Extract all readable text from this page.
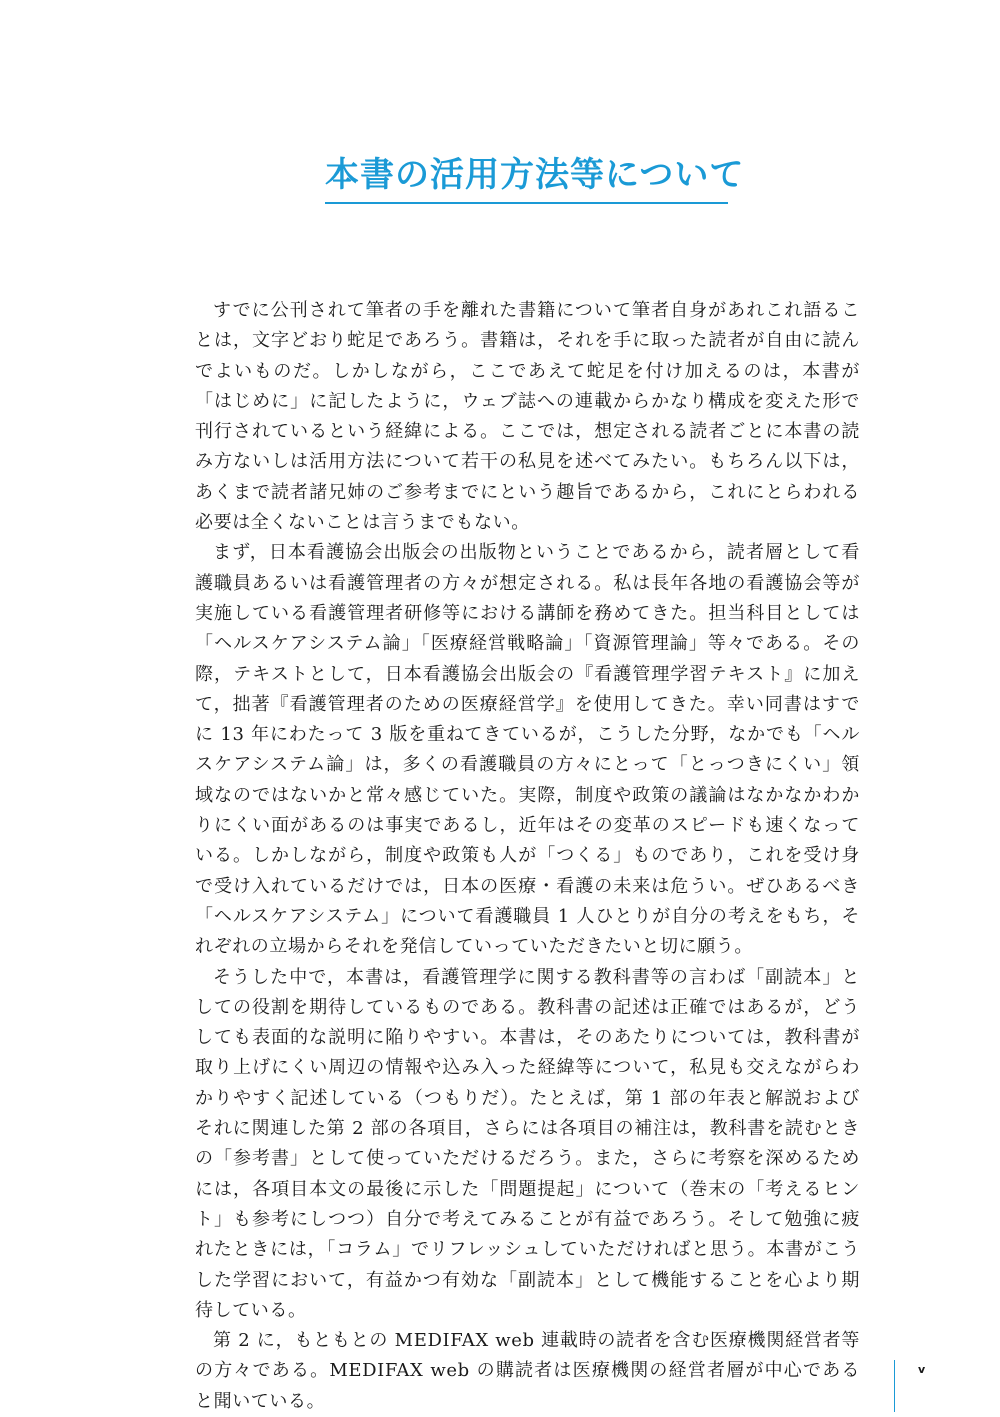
本書の活用方法等について

すでに公刊されて筆者の手を離れた書籍について筆者自身があれこれ語ることは，文字どおり蛇足であろう。書籍は，それを手に取った読者が自由に読んでよいものだ。しかしながら，ここであえて蛇足を付け加えるのは，本書が「はじめに」に記したように，ウェブ誌への連載からかなり構成を変えた形で刊行されているという経緯による。ここでは，想定される読者ごとに本書の読み方ないしは活用方法について若干の私見を述べてみたい。もちろん以下は，あくまで読者諸兄姉のご参考までにという趣旨であるから，これにとらわれる必要は全くないことは言うまでもない。

まず，日本看護協会出版会の出版物ということであるから，読者層として看護職員あるいは看護管理者の方々が想定される。私は長年各地の看護協会等が実施している看護管理者研修等における講師を務めてきた。担当科目としては「ヘルスケアシステム論」「医療経営戦略論」「資源管理論」等々である。その際，テキストとして，日本看護協会出版会の『看護管理学習テキスト』に加えて，拙著『看護管理者のための医療経営学』を使用してきた。幸い同書はすでに 13 年にわたって 3 版を重ねてきているが，こうした分野，なかでも「ヘルスケアシステム論」は，多くの看護職員の方々にとって「とっつきにくい」領域なのではないかと常々感じていた。実際，制度や政策の議論はなかなかわかりにくい面があるのは事実であるし，近年はその変革のスピードも速くなっている。しかしながら，制度や政策も人が「つくる」ものであり，これを受け身で受け入れているだけでは，日本の医療・看護の未来は危うい。ぜひあるべき「ヘルスケアシステム」について看護職員 1 人ひとりが自分の考えをもち，それぞれの立場からそれを発信していっていただきたいと切に願う。

そうした中で，本書は，看護管理学に関する教科書等の言わば「副読本」としての役割を期待しているものである。教科書の記述は正確ではあるが，どうしても表面的な説明に陥りやすい。本書は，そのあたりについては，教科書が取り上げにくい周辺の情報や込み入った経緯等について，私見も交えながらわかりやすく記述している（つもりだ）。たとえば，第 1 部の年表と解説およびそれに関連した第 2 部の各項目，さらには各項目の補注は，教科書を読むときの「参考書」として使っていただけるだろう。また，さらに考察を深めるためには，各項目本文の最後に示した「問題提起」について（巻末の「考えるヒント」も参考にしつつ）自分で考えてみることが有益であろう。そして勉強に疲れたときには，「コラム」でリフレッシュしていただければと思う。本書がこうした学習において，有益かつ有効な「副読本」として機能することを心より期待している。

第 2 に，もともとの MEDIFAX web 連載時の読者を含む医療機関経営者等の方々である。MEDIFAX web の購読者は医療機関の経営者層が中心であると聞いている。

v
